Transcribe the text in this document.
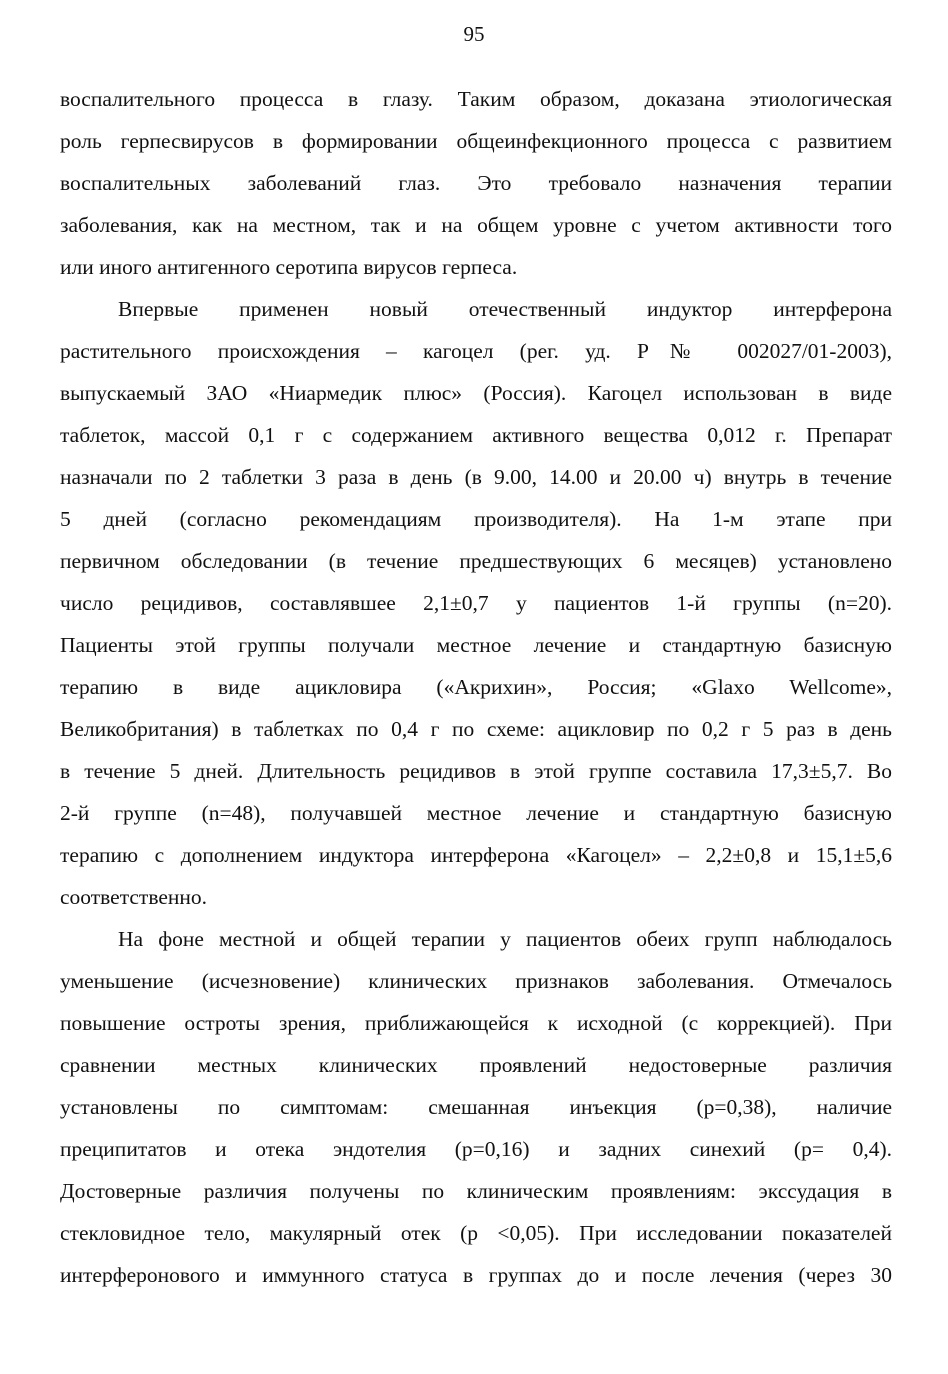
95
воспалительного процесса в глазу. Таким образом, доказана этиологическая
роль герпесвирусов в формировании общеинфекционного процесса с развитием
воспалительных заболеваний глаз. Это требовало назначения терапии
заболевания, как на местном, так и на общем уровне с учетом активности того
или иного антигенного серотипа вирусов герпеса.
Впервые применен новый отечественный индуктор интерферона
растительного происхождения – кагоцел (рег. уд. Р№ 002027/01-2003),
выпускаемый ЗАО «Ниармедик плюс» (Россия). Кагоцел использован в виде
таблеток, массой 0,1 г с содержанием активного вещества 0,012 г. Препарат
назначали по 2 таблетки 3 раза в день (в 9.00, 14.00 и 20.00 ч) внутрь в течение
5 дней (согласно рекомендациям производителя). На 1-м этапе при
первичном обследовании (в течение предшествующих 6 месяцев) установлено
число рецидивов, составлявшее 2,1±0,7 у пациентов 1-й группы (n=20).
Пациенты этой группы получали местное лечение и стандартную базисную
терапию в виде ацикловира («Акрихин», Россия; «Glaxo Wellcome»,
Великобритания) в таблетках по 0,4 г по схеме: ацикловир по 0,2 г 5 раз в день
в течение 5 дней. Длительность рецидивов в этой группе составила 17,3±5,7. Во
2-й группе (n=48), получавшей местное лечение и стандартную базисную
терапию с дополнением индуктора интерферона «Кагоцел» – 2,2±0,8 и 15,1±5,6
соответственно.
На фоне местной и общей терапии у пациентов обеих групп наблюдалось
уменьшение (исчезновение) клинических признаков заболевания. Отмечалось
повышение остроты зрения, приближающейся к исходной (с коррекцией). При
сравнении местных клинических проявлений недостоверные различия
установлены по симптомам: смешанная инъекция (р=0,38), наличие
преципитатов и отека эндотелия (р=0,16) и задних синехий (р= 0,4).
Достоверные различия получены по клиническим проявлениям: экссудация в
стекловидное тело, макулярный отек (р <0,05). При исследовании показателей
интерферонового и иммунного статуса в группах до и после лечения (через 30
